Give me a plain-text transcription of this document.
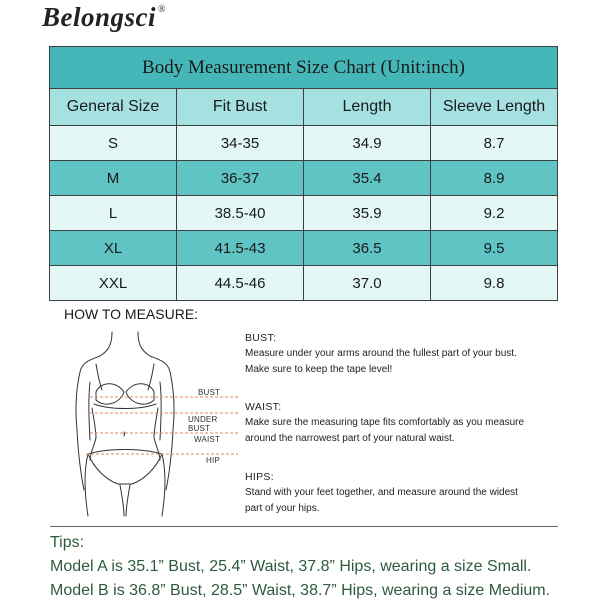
Belongsci ®
Body Measurement Size Chart (Unit:inch)			
General Size	Fit Bust	Length	Sleeve Length
S	34-35	34.9	8.7
M	36-37	35.4	8.9
L	38.5-40	35.9	9.2
XL	41.5-43	36.5	9.5
XXL	44.5-46	37.0	9.8
HOW TO MEASURE:
BUST
UNDER BUST
WAIST
HIP
BUST:
Measure under your arms around the fullest part of your bust.
Make sure to keep the tape level!
WAIST:
Make sure the measuring tape fits comfortably as you measure
around the narrowest part of your natural waist.
HIPS:
Stand with your feet together, and measure around the widest
part of your hips.
Tips:
Model A is 35.1” Bust, 25.4” Waist, 37.8” Hips, wearing a size Small.
Model B is 36.8” Bust, 28.5” Waist, 38.7” Hips, wearing a size Medium.
